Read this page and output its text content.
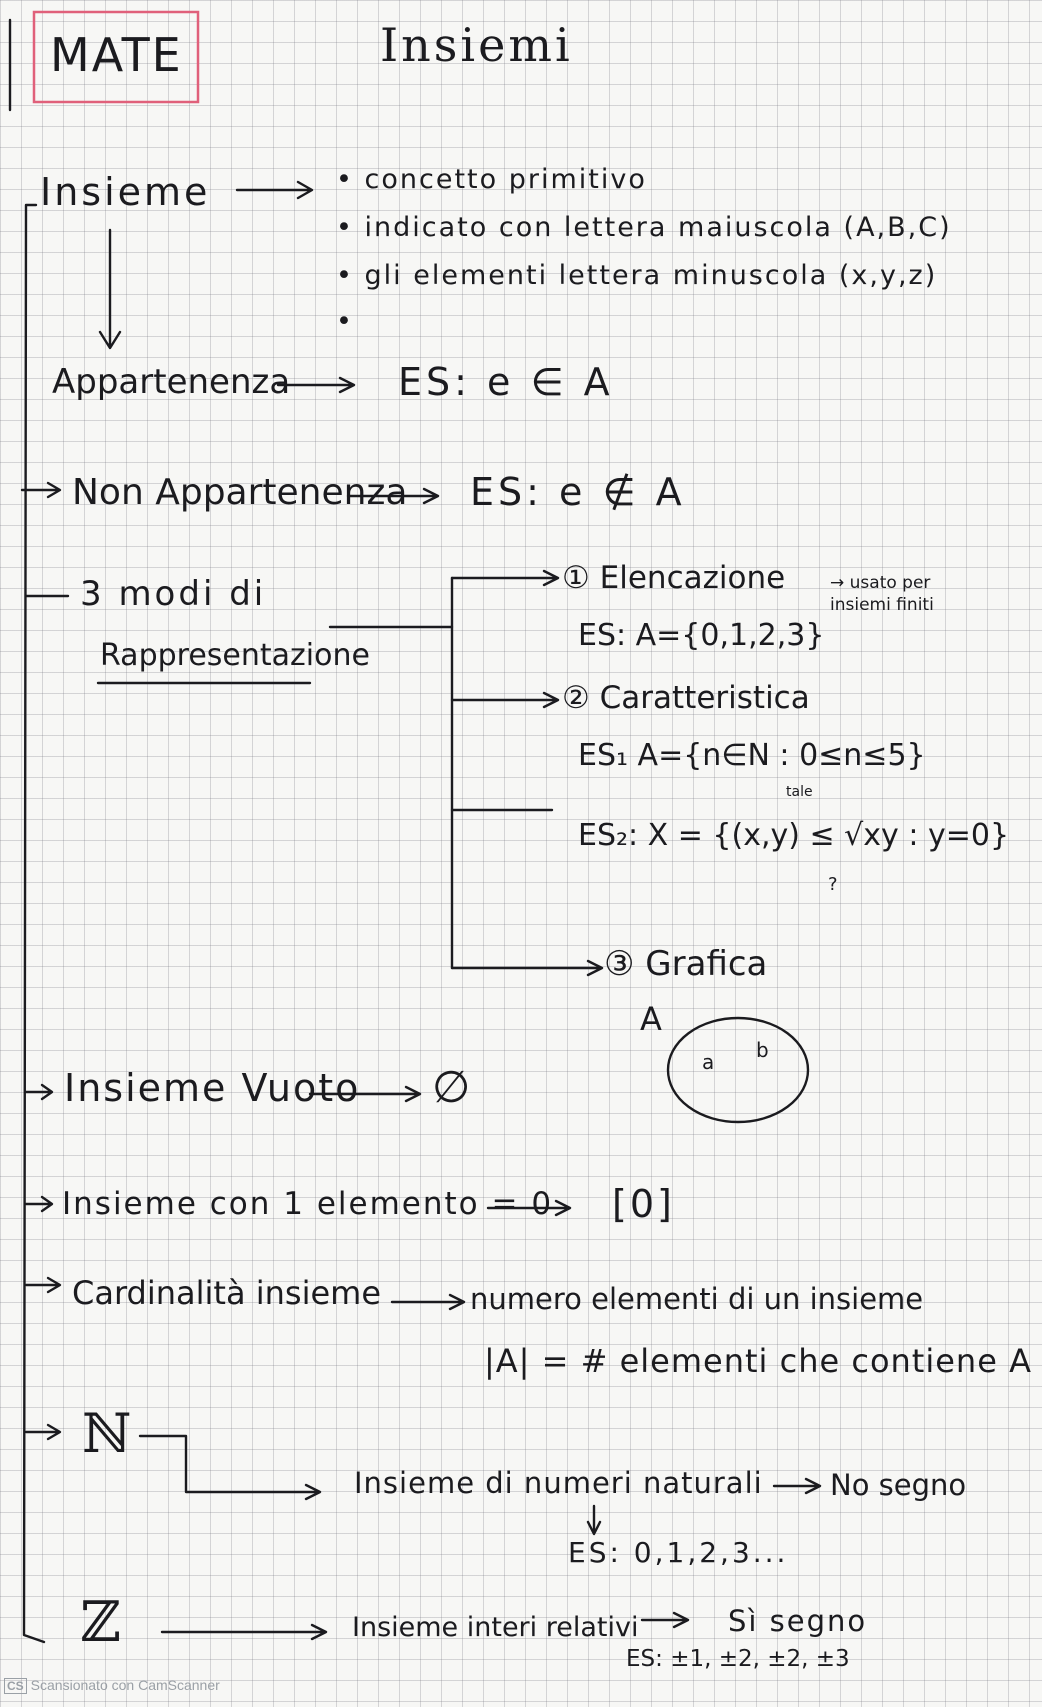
MATE	Insiemi
Insieme	• concetto primitivo
• indicato con lettera maiuscola (A,B,C)
• gli elementi lettera minuscola (x,y,z)
•
Appartenenza	ES: e ∈ A
Non Appartenenza ES: e ∉ A
3 modi di
Rappresentazione
① Elencazione
ES: A={0,1,2,3}
→ usato per insiemi finiti
② Caratteristica
ES₁ A={n∈N : 0≤n≤5}
tale
ES₂: X = {(x,y) ≤ √xy : y=0}
?
③ Grafica
A
a b
Insieme Vuoto ∅
Insieme con 1 elemento = 0 [0]
Cardinalità insieme	numero elementi di un insieme
|A| = # elementi che contiene A
ℕ
Insieme di numeri naturali No segno
ES: 0,1,2,3...
ℤ	Insieme interi relativi	Sì segno
ES: ±1, ±2, ±2, ±3
CS Scansionato con CamScanner
